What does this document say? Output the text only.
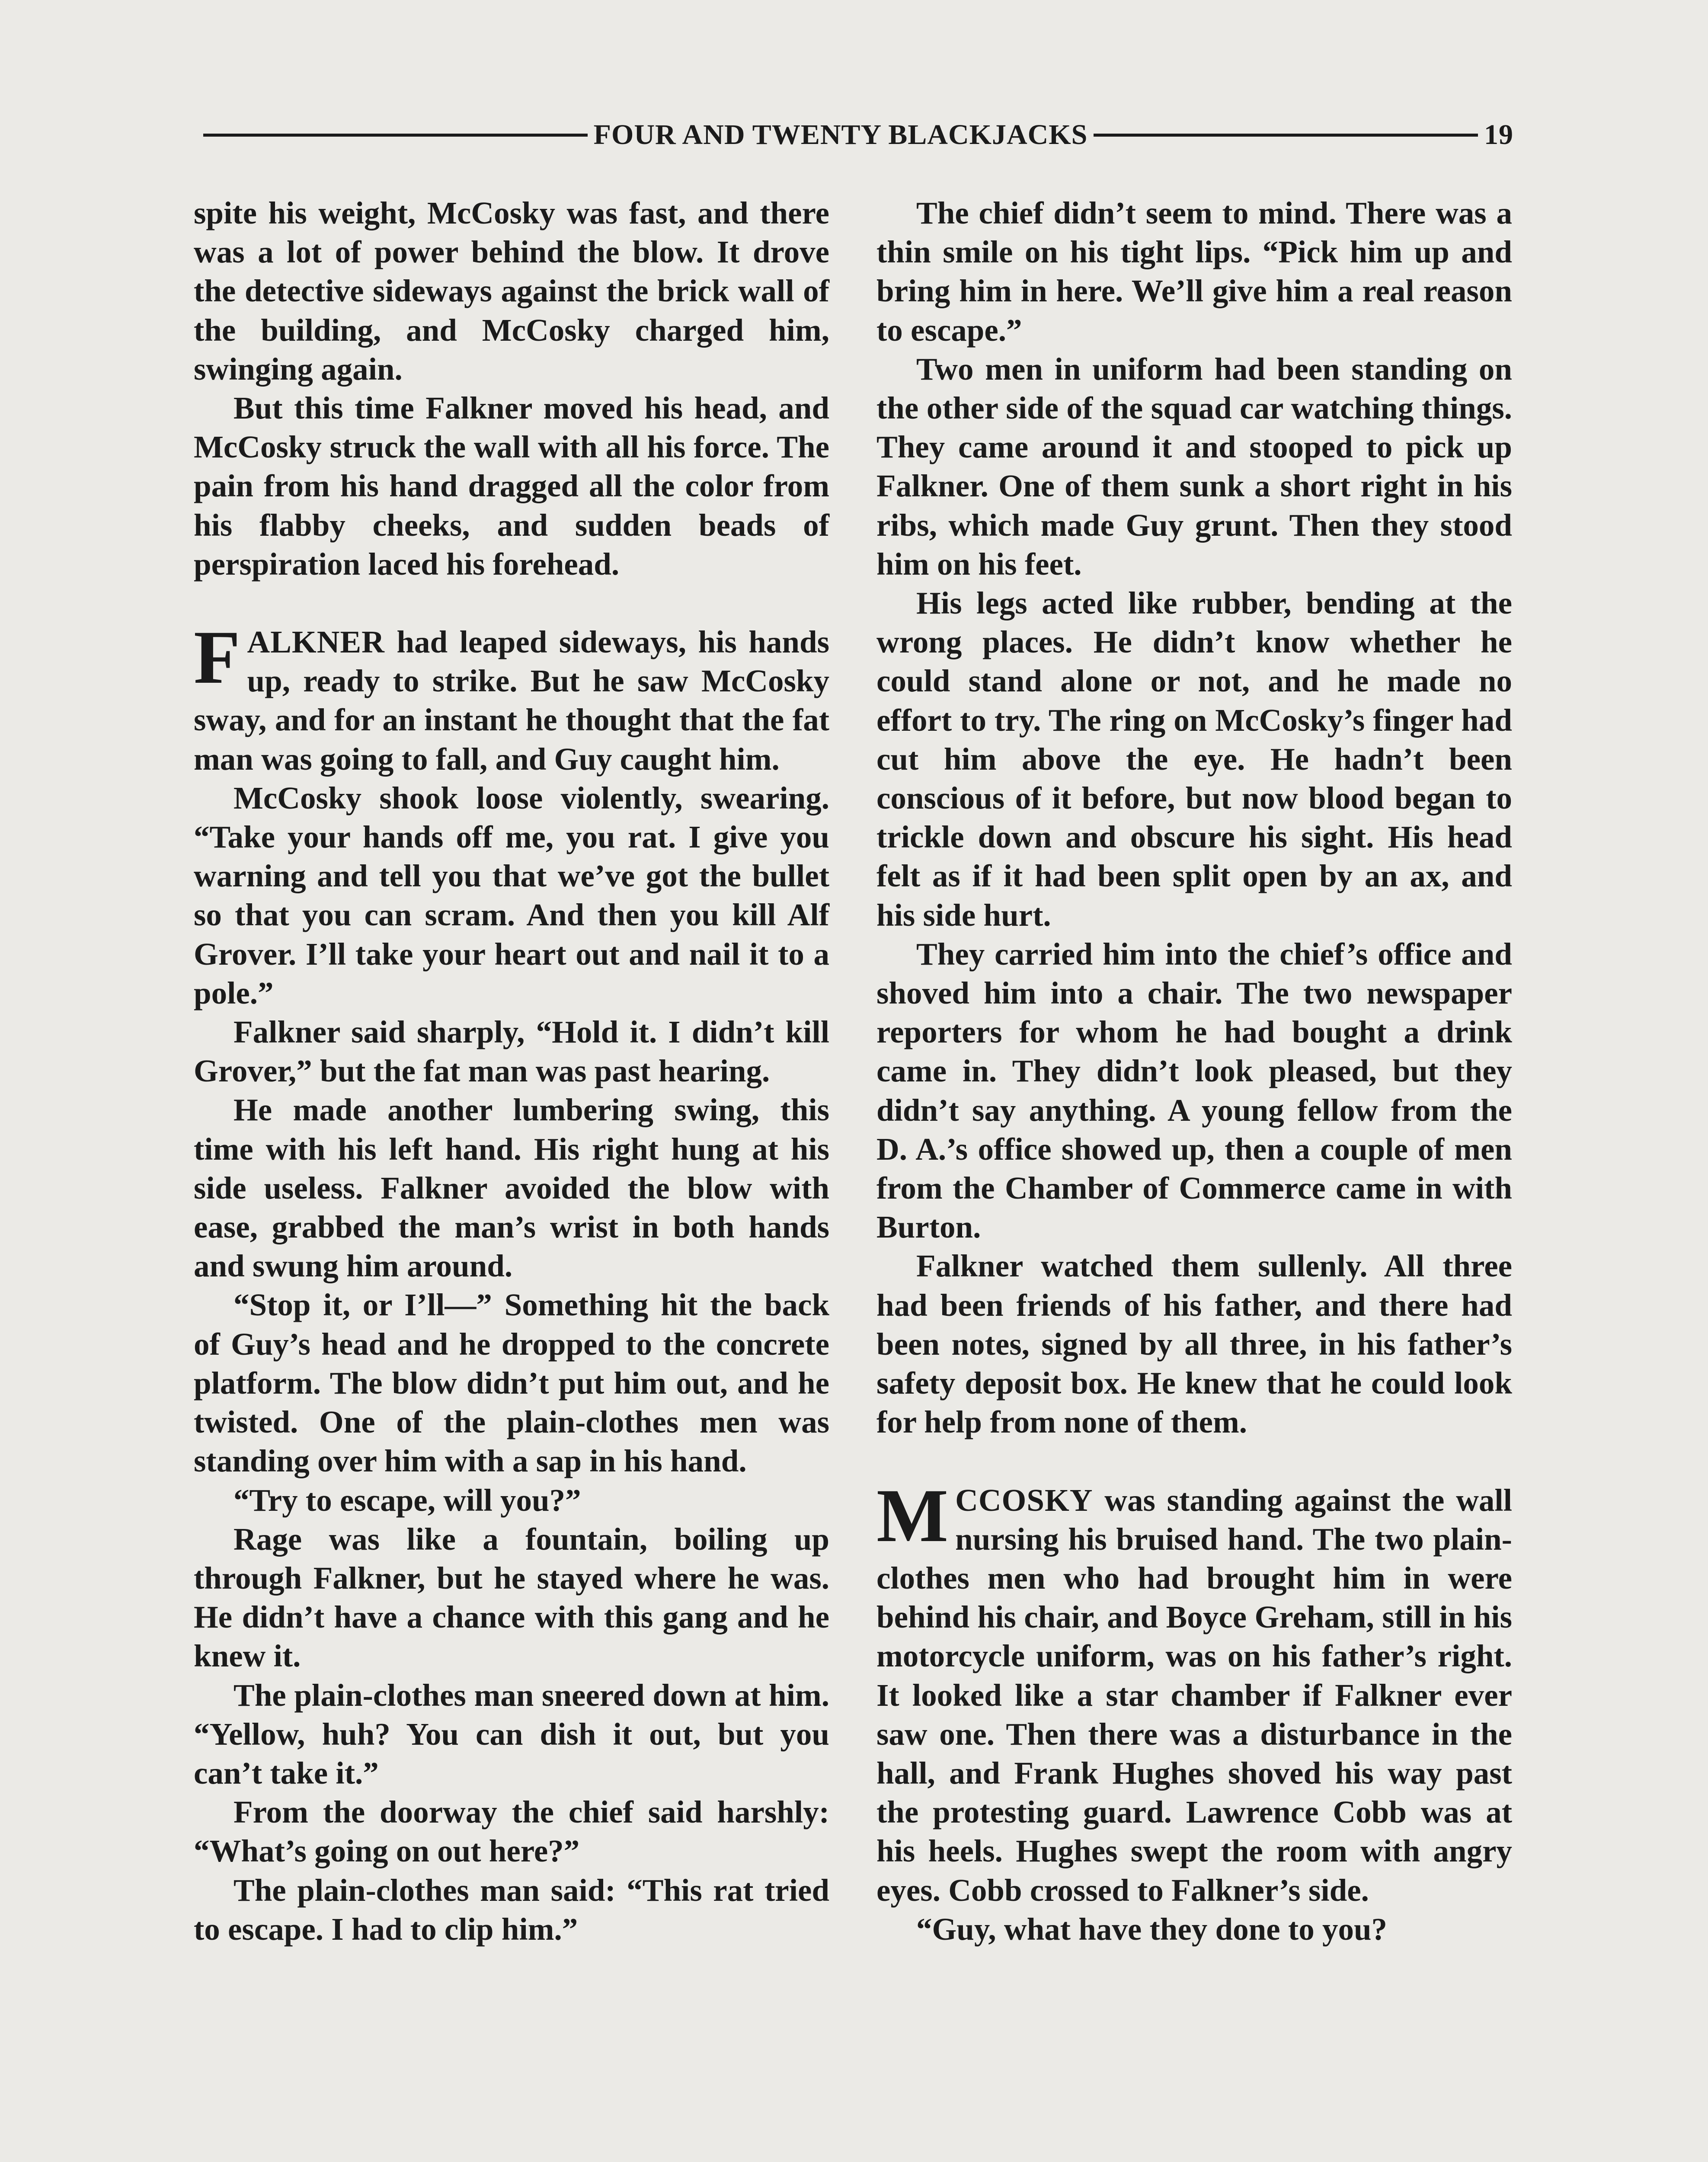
FOUR AND TWENTY BLACKJACKS	19

spite his weight, McCosky was fast, and there was a lot of power behind the blow. It drove the detective sideways against the brick wall of the building, and McCosky charged him, swinging again.

But this time Falkner moved his head, and McCosky struck the wall with all his force. The pain from his hand dragged all the color from his flabby cheeks, and sudden beads of perspiration laced his forehead.

FALKNER had leaped sideways, his hands up, ready to strike. But he saw McCosky sway, and for an instant he thought that the fat man was going to fall, and Guy caught him.

McCosky shook loose violently, swearing. “Take your hands off me, you rat. I give you warning and tell you that we’ve got the bullet so that you can scram. And then you kill Alf Grover. I’ll take your heart out and nail it to a pole.”

Falkner said sharply, “Hold it. I didn’t kill Grover,” but the fat man was past hearing.

He made another lumbering swing, this time with his left hand. His right hung at his side useless. Falkner avoided the blow with ease, grabbed the man’s wrist in both hands and swung him around.

“Stop it, or I’ll—” Something hit the back of Guy’s head and he dropped to the concrete platform. The blow didn’t put him out, and he twisted. One of the plain-clothes men was standing over him with a sap in his hand.

“Try to escape, will you?”

Rage was like a fountain, boiling up through Falkner, but he stayed where he was. He didn’t have a chance with this gang and he knew it.

The plain-clothes man sneered down at him. “Yellow, huh? You can dish it out, but you can’t take it.”

From the doorway the chief said harshly: “What’s going on out here?”

The plain-clothes man said: “This rat tried to escape. I had to clip him.”

The chief didn’t seem to mind. There was a thin smile on his tight lips. “Pick him up and bring him in here. We’ll give him a real reason to escape.”

Two men in uniform had been standing on the other side of the squad car watching things. They came around it and stooped to pick up Falkner. One of them sunk a short right in his ribs, which made Guy grunt. Then they stood him on his feet.

His legs acted like rubber, bending at the wrong places. He didn’t know whether he could stand alone or not, and he made no effort to try. The ring on McCosky’s finger had cut him above the eye. He hadn’t been conscious of it before, but now blood began to trickle down and obscure his sight. His head felt as if it had been split open by an ax, and his side hurt.

They carried him into the chief’s office and shoved him into a chair. The two newspaper reporters for whom he had bought a drink came in. They didn’t look pleased, but they didn’t say anything. A young fellow from the D. A.’s office showed up, then a couple of men from the Chamber of Commerce came in with Burton.

Falkner watched them sullenly. All three had been friends of his father, and there had been notes, signed by all three, in his father’s safety deposit box. He knew that he could look for help from none of them.

MCCOSKY was standing against the wall nursing his bruised hand. The two plain-clothes men who had brought him in were behind his chair, and Boyce Greham, still in his motorcycle uniform, was on his father’s right. It looked like a star chamber if Falkner ever saw one. Then there was a disturbance in the hall, and Frank Hughes shoved his way past the protesting guard. Lawrence Cobb was at his heels. Hughes swept the room with angry eyes. Cobb crossed to Falkner’s side.

“Guy, what have they done to you?
